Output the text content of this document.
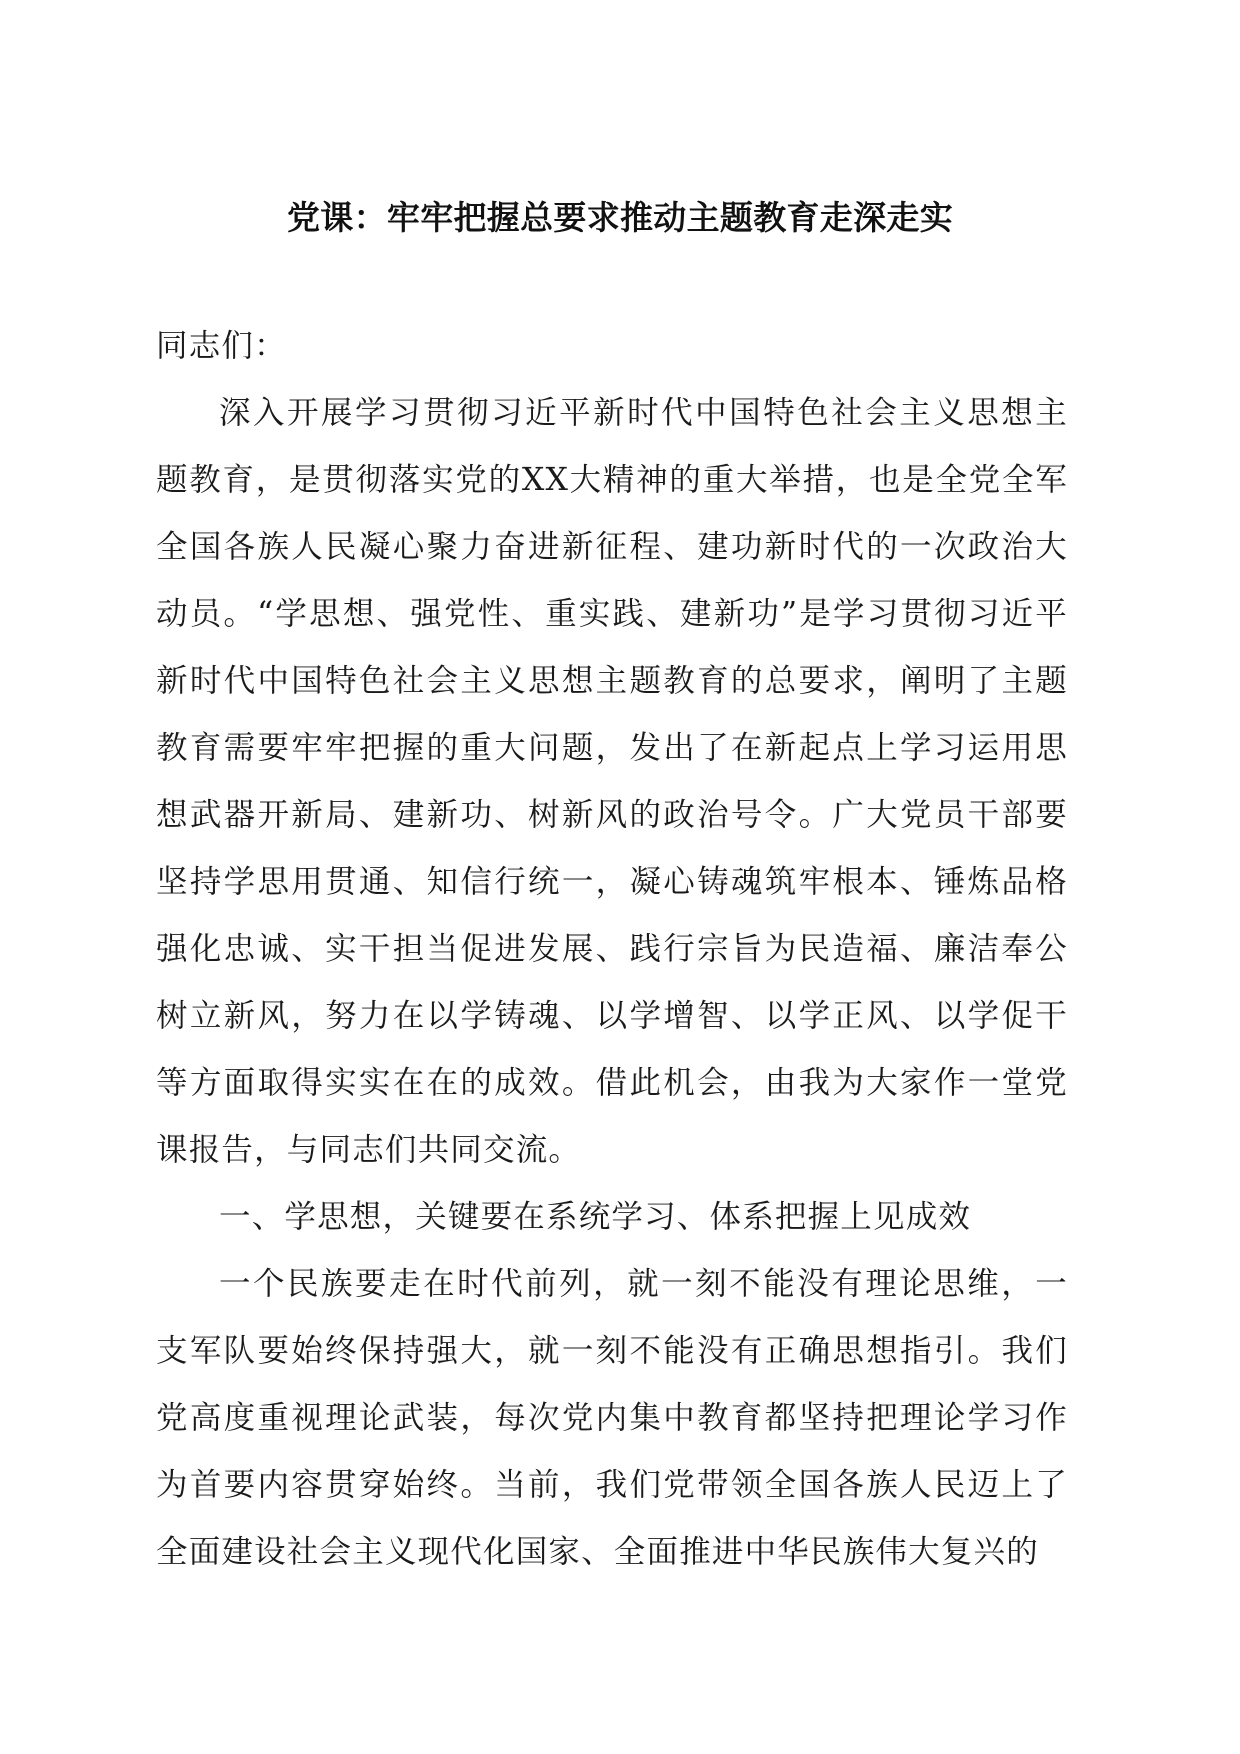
党课：牢牢把握总要求推动主题教育走深走实

同志们：

深入开展学习贯彻习近平新时代中国特色社会主义思想主题教育，是贯彻落实党的XX大精神的重大举措，也是全党全军全国各族人民凝心聚力奋进新征程、建功新时代的一次政治大动员。“学思想、强党性、重实践、建新功”是学习贯彻习近平新时代中国特色社会主义思想主题教育的总要求，阐明了主题教育需要牢牢把握的重大问题，发出了在新起点上学习运用思想武器开新局、建新功、树新风的政治号令。广大党员干部要坚持学思用贯通、知信行统一，凝心铸魂筑牢根本、锤炼品格强化忠诚、实干担当促进发展、践行宗旨为民造福、廉洁奉公树立新风，努力在以学铸魂、以学增智、以学正风、以学促干等方面取得实实在在的成效。借此机会，由我为大家作一堂党课报告，与同志们共同交流。

一、学思想，关键要在系统学习、体系把握上见成效

一个民族要走在时代前列，就一刻不能没有理论思维，一支军队要始终保持强大，就一刻不能没有正确思想指引。我们党高度重视理论武装，每次党内集中教育都坚持把理论学习作为首要内容贯穿始终。当前，我们党带领全国各族人民迈上了全面建设社会主义现代化国家、全面推进中华民族伟大复兴的
